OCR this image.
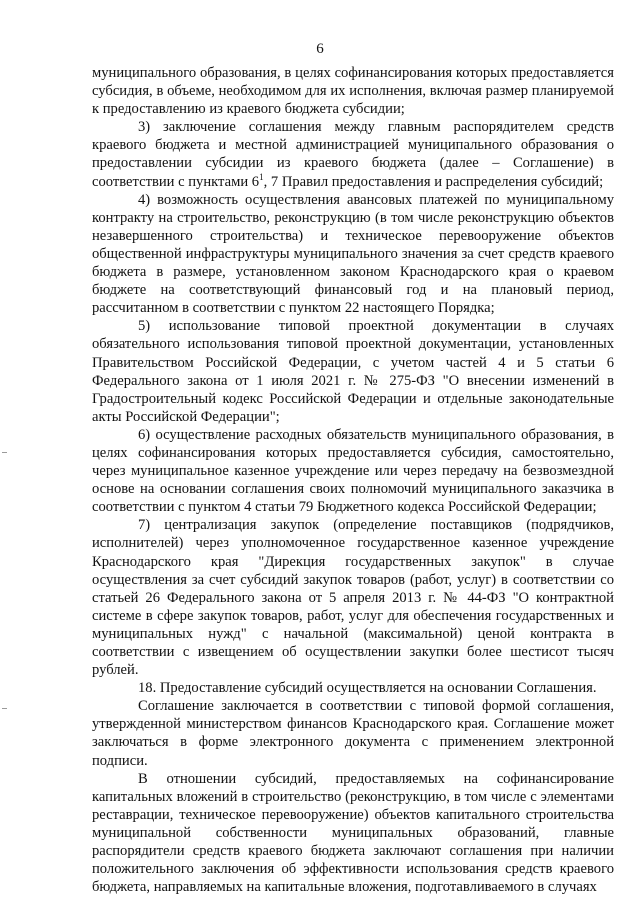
6

муниципального образования, в целях софинансирования которых предоставляется субсидия, в объеме, необходимом для их исполнения, включая размер планируемой к предоставлению из краевого бюджета субсидии;

3) заключение соглашения между главным распорядителем средств краевого бюджета и местной администрацией муниципального образования о предоставлении субсидии из краевого бюджета (далее – Соглашение) в соответствии с пунктами $6^1$, 7 Правил предоставления и распределения субсидий;

4) возможность осуществления авансовых платежей по муниципальному контракту на строительство, реконструкцию (в том числе реконструкцию объектов незавершенного строительства) и техническое перевооружение объектов общественной инфраструктуры муниципального значения за счет средств краевого бюджета в размере, установленном законом Краснодарского края о краевом бюджете на соответствующий финансовый год и на плановый период, рассчитанном в соответствии с пунктом 22 настоящего Порядка;

5) использование типовой проектной документации в случаях обязательного использования типовой проектной документации, установленных Правительством Российской Федерации, с учетом частей 4 и 5 статьи 6 Федерального закона от 1 июля 2021 г. № 275-ФЗ "О внесении изменений в Градостроительный кодекс Российской Федерации и отдельные законодательные акты Российской Федерации";

6) осуществление расходных обязательств муниципального образования, в целях софинансирования которых предоставляется субсидия, самостоятельно, через муниципальное казенное учреждение или через передачу на безвозмездной основе на основании соглашения своих полномочий муниципального заказчика в соответствии с пунктом 4 статьи 79 Бюджетного кодекса Российской Федерации;

7) централизация закупок (определение поставщиков (подрядчиков, исполнителей) через уполномоченное государственное казенное учреждение Краснодарского края "Дирекция государственных закупок" в случае осуществления за счет субсидий закупок товаров (работ, услуг) в соответствии со статьей 26 Федерального закона от 5 апреля 2013 г. № 44-ФЗ "О контрактной системе в сфере закупок товаров, работ, услуг для обеспечения государственных и муниципальных нужд" с начальной (максимальной) ценой контракта в соответствии с извещением об осуществлении закупки более шестисот тысяч рублей.

18. Предоставление субсидий осуществляется на основании Соглашения.

Соглашение заключается в соответствии с типовой формой соглашения, утвержденной министерством финансов Краснодарского края. Соглашение может заключаться в форме электронного документа с применением электронной подписи.

В отношении субсидий, предоставляемых на софинансирование капитальных вложений в строительство (реконструкцию, в том числе с элементами реставрации, техническое перевооружение) объектов капитального строительства муниципальной собственности муниципальных образований, главные распорядители средств краевого бюджета заключают соглашения при наличии положительного заключения об эффективности использования средств краевого бюджета, направляемых на капитальные вложения, подготавливаемого в случаях
